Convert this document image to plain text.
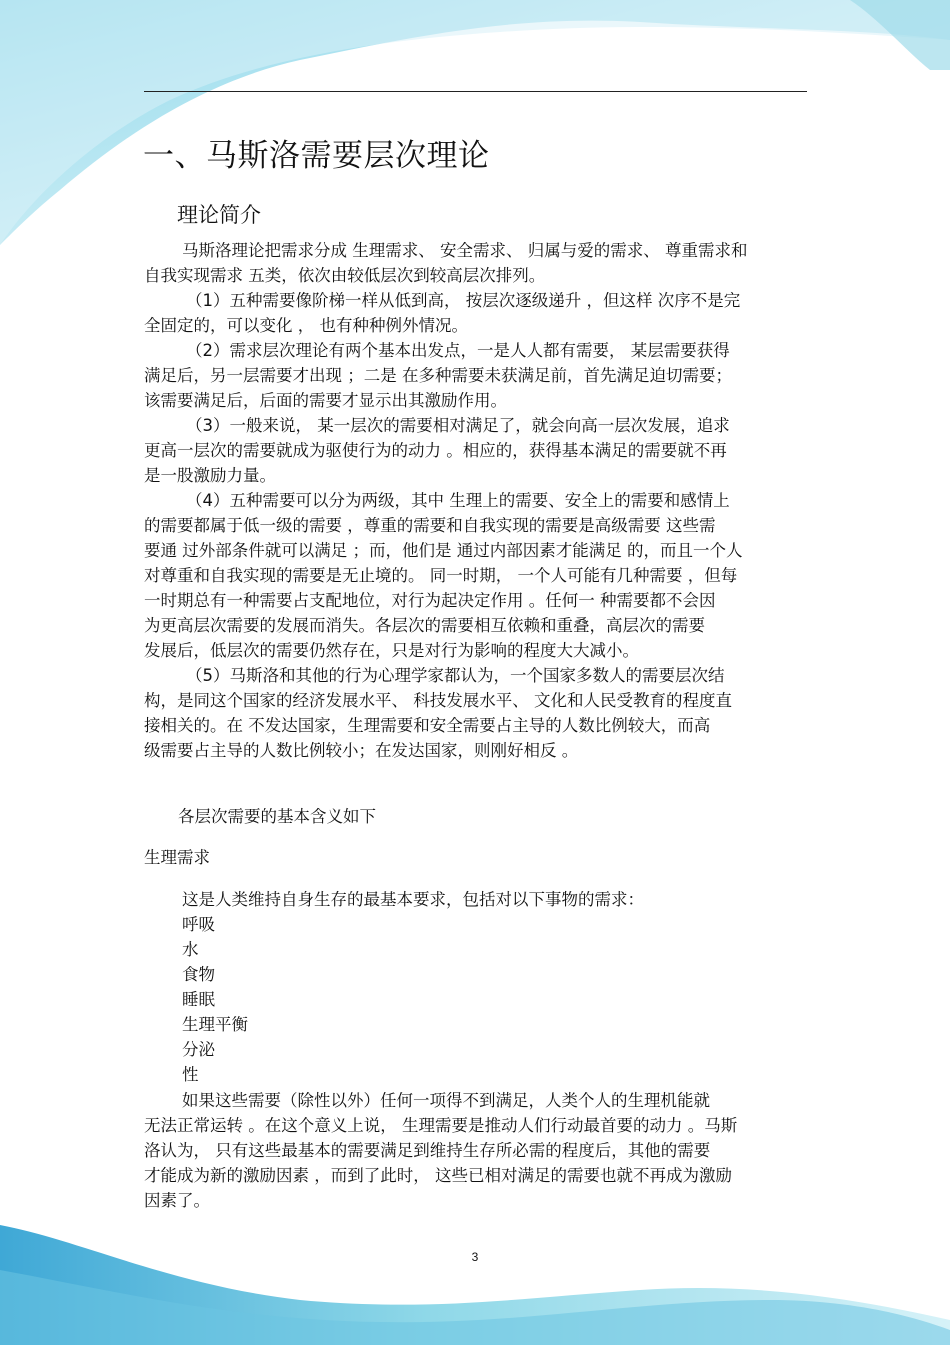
一、马斯洛需要层次理论
理论简介
马斯洛理论把需求分成 生理需求、 安全需求、 归属与爱的需求、 尊重需求和
自我实现需求 五类，依次由较低层次到较高层次排列。
（1）五种需要像阶梯一样从低到高， 按层次逐级递升 ，但这样 次序不是完
全固定的，可以变化 ， 也有种种例外情况。
（2）需求层次理论有两个基本出发点，一是人人都有需要， 某层需要获得
满足后，另一层需要才出现 ；二是 在多种需要未获满足前，首先满足迫切需要；
该需要满足后，后面的需要才显示出其激励作用。
（3）一般来说， 某一层次的需要相对满足了，就会向高一层次发展，追求
更高一层次的需要就成为驱使行为的动力 。相应的，获得基本满足的需要就不再
是一股激励力量。
（4）五种需要可以分为两级，其中 生理上的需要、安全上的需要和感情上
的需要都属于低一级的需要 ，尊重的需要和自我实现的需要是高级需要 这些需
要通 过外部条件就可以满足 ；而，他们是 通过内部因素才能满足 的，而且一个人
对尊重和自我实现的需要是无止境的。 同一时期， 一个人可能有几种需要 ，但每
一时期总有一种需要占支配地位，对行为起决定作用 。任何一 种需要都不会因
为更高层次需要的发展而消失。各层次的需要相互依赖和重叠，高层次的需要
发展后，低层次的需要仍然存在，只是对行为影响的程度大大减小。
（5）马斯洛和其他的行为心理学家都认为，一个国家多数人的需要层次结
构，是同这个国家的经济发展水平、 科技发展水平、 文化和人民受教育的程度直
接相关的。在 不发达国家，生理需要和安全需要占主导的人数比例较大，而高
级需要占主导的人数比例较小；在发达国家，则刚好相反 。
各层次需要的基本含义如下
生理需求
这是人类维持自身生存的最基本要求，包括对以下事物的需求：
呼吸
水
食物
睡眠
生理平衡
分泌
性
如果这些需要（除性以外）任何一项得不到满足，人类个人的生理机能就
无法正常运转 。在这个意义上说， 生理需要是推动人们行动最首要的动力 。马斯
洛认为， 只有这些最基本的需要满足到维持生存所必需的程度后，其他的需要
才能成为新的激励因素 ，而到了此时， 这些已相对满足的需要也就不再成为激励
因素了。
3
